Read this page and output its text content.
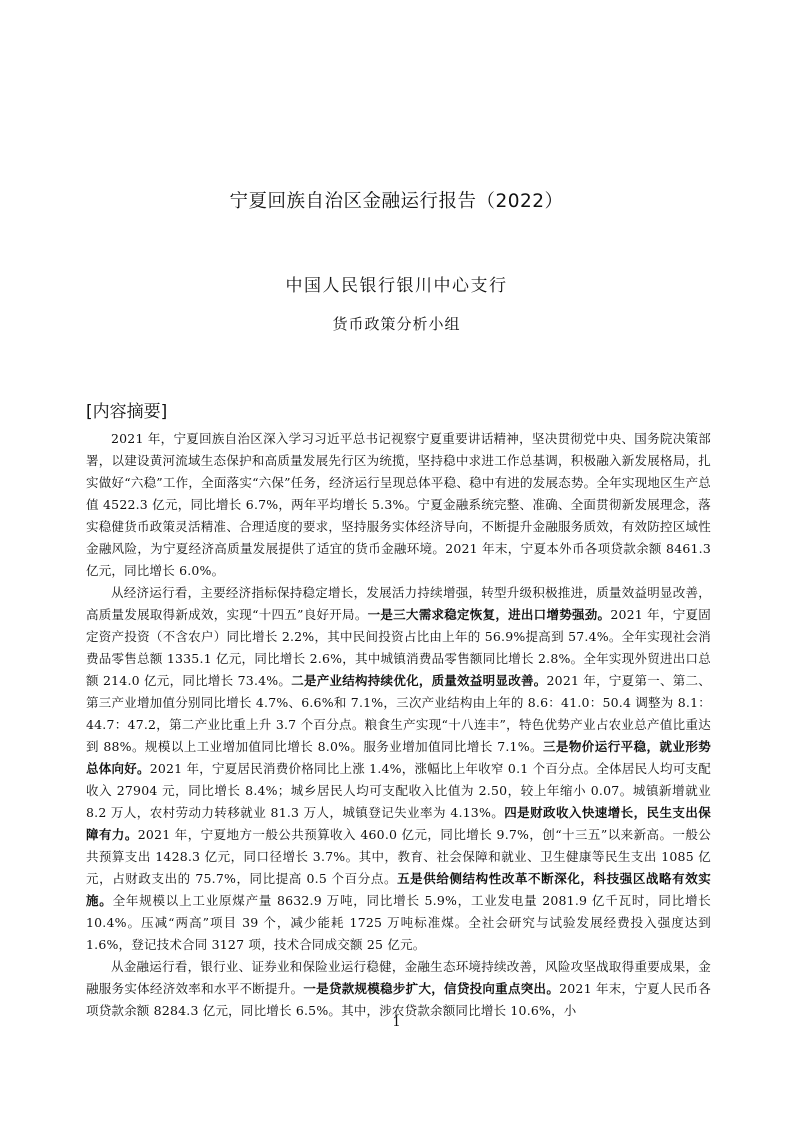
宁夏回族自治区金融运行报告（2022）
中国人民银行银川中心支行
货币政策分析小组
[内容摘要]

2021 年，宁夏回族自治区深入学习习近平总书记视察宁夏重要讲话精神，坚决贯彻党中央、国务院决策部署，以建设黄河流域生态保护和高质量发展先行区为统揽，坚持稳中求进工作总基调，积极融入新发展格局，扎实做好“六稳”工作，全面落实“六保”任务，经济运行呈现总体平稳、稳中有进的发展态势。全年实现地区生产总值 4522.3 亿元，同比增长 6.7%，两年平均增长 5.3%。宁夏金融系统完整、准确、全面贯彻新发展理念，落实稳健货币政策灵活精准、合理适度的要求，坚持服务实体经济导向，不断提升金融服务质效，有效防控区域性金融风险，为宁夏经济高质量发展提供了适宜的货币金融环境。2021 年末，宁夏本外币各项贷款余额 8461.3 亿元，同比增长 6.0%。

从经济运行看，主要经济指标保持稳定增长，发展活力持续增强，转型升级积极推进，质量效益明显改善，高质量发展取得新成效，实现“十四五”良好开局。一是三大需求稳定恢复，进出口增势强劲。2021 年，宁夏固定资产投资（不含农户）同比增长 2.2%，其中民间投资占比由上年的 56.9%提高到 57.4%。全年实现社会消费品零售总额 1335.1 亿元，同比增长 2.6%，其中城镇消费品零售额同比增长 2.8%。全年实现外贸进出口总额 214.0 亿元，同比增长 73.4%。二是产业结构持续优化，质量效益明显改善。2021 年，宁夏第一、第二、第三产业增加值分别同比增长 4.7%、6.6%和 7.1%，三次产业结构由上年的 8.6：41.0：50.4 调整为 8.1：44.7：47.2，第二产业比重上升 3.7 个百分点。粮食生产实现“十八连丰”，特色优势产业占农业总产值比重达到 88%。规模以上工业增加值同比增长 8.0%。服务业增加值同比增长 7.1%。三是物价运行平稳，就业形势总体向好。2021 年，宁夏居民消费价格同比上涨 1.4%，涨幅比上年收窄 0.1 个百分点。全体居民人均可支配收入 27904 元，同比增长 8.4%；城乡居民人均可支配收入比值为 2.50，较上年缩小 0.07。城镇新增就业 8.2 万人，农村劳动力转移就业 81.3 万人，城镇登记失业率为 4.13%。四是财政收入快速增长，民生支出保障有力。2021 年，宁夏地方一般公共预算收入 460.0 亿元，同比增长 9.7%，创“十三五”以来新高。一般公共预算支出 1428.3 亿元，同口径增长 3.7%。其中，教育、社会保障和就业、卫生健康等民生支出 1085 亿元，占财政支出的 75.7%，同比提高 0.5 个百分点。五是供给侧结构性改革不断深化，科技强区战略有效实施。全年规模以上工业原煤产量 8632.9 万吨，同比增长 5.9%，工业发电量 2081.9 亿千瓦时，同比增长 10.4%。压减“两高”项目 39 个，减少能耗 1725 万吨标准煤。全社会研究与试验发展经费投入强度达到 1.6%，登记技术合同 3127 项，技术合同成交额 25 亿元。

从金融运行看，银行业、证券业和保险业运行稳健，金融生态环境持续改善，风险攻坚战取得重要成果，金融服务实体经济效率和水平不断提升。一是贷款规模稳步扩大，信贷投向重点突出。2021 年末，宁夏人民币各项贷款余额 8284.3 亿元，同比增长 6.5%。其中，涉农贷款余额同比增长 10.6%，小

1
